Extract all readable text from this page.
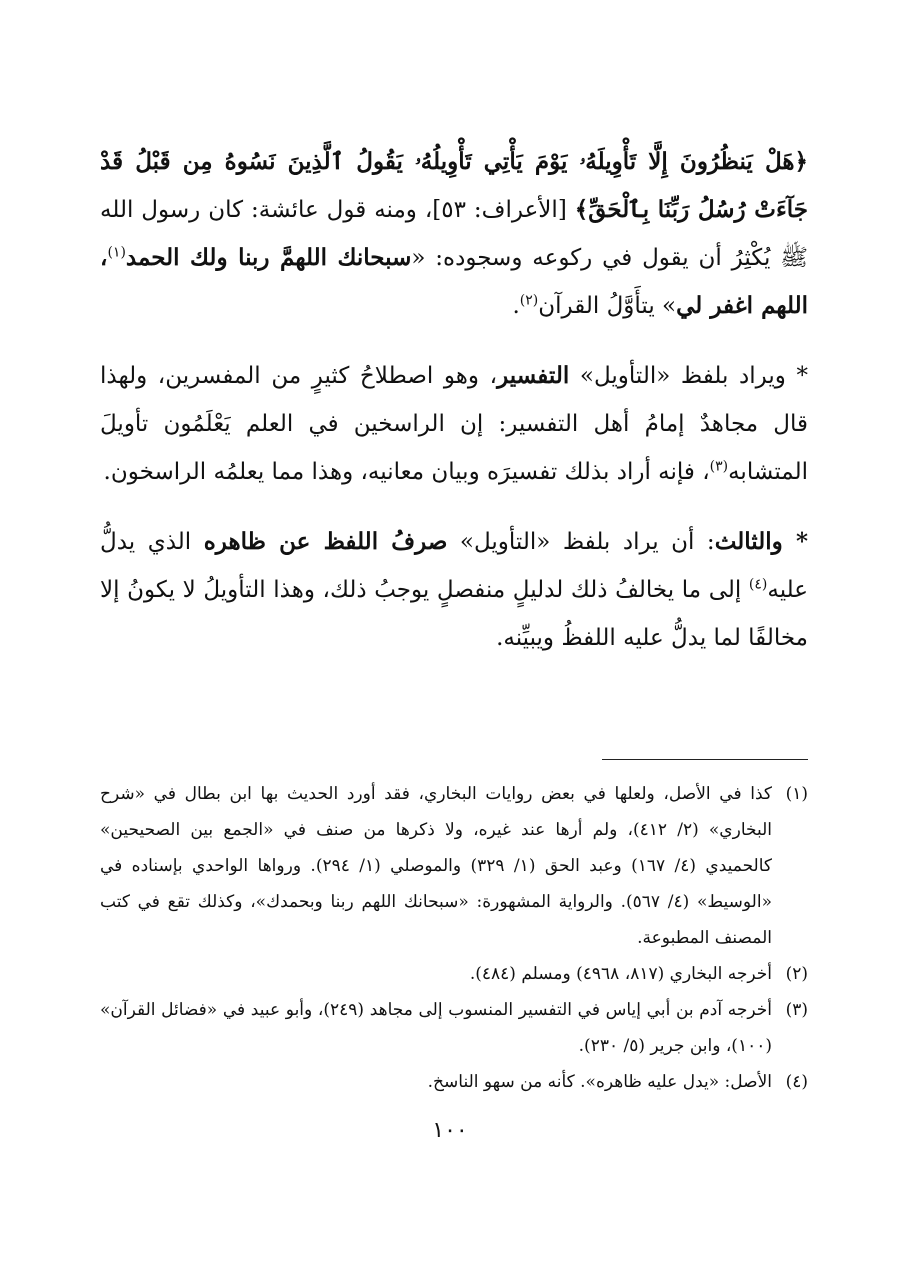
﴿هَلْ يَنظُرُونَ إِلَّا تَأْوِيلَهُۥ يَوْمَ يَأْتِي تَأْوِيلُهُۥ يَقُولُ ٱلَّذِينَ نَسُوهُ مِن قَبْلُ قَدْ جَآءَتْ رُسُلُ رَبِّنَا بِٱلْحَقِّ﴾ [الأعراف: ٥٣]، ومنه قول عائشة: كان رسول الله ﷺ يُكْثِرُ أن يقول في ركوعه وسجوده: «سبحانك اللهمَّ ربنا ولك الحمد$^{(١)}$، اللهم اغفر لي» يتأَوَّلُ القرآن$^{(٢)}$.

* ويراد بلفظ «التأويل» التفسير، وهو اصطلاحُ كثيرٍ من المفسرين، ولهذا قال مجاهدٌ إمامُ أهل التفسير: إن الراسخين في العلم يَعْلَمُون تأويلَ المتشابه$^{(٣)}$، فإنه أراد بذلك تفسيرَه وبيان معانيه، وهذا مما يعلمُه الراسخون.

* والثالث: أن يراد بلفظ «التأويل» صرفُ اللفظ عن ظاهره الذي يدلُّ عليه$^{(٤)}$ إلى ما يخالفُ ذلك لدليلٍ منفصلٍ يوجبُ ذلك، وهذا التأويلُ لا يكونُ إلا مخالفًا لما يدلُّ عليه اللفظُ ويبيِّنه.

(١)
كذا في الأصل، ولعلها في بعض روايات البخاري، فقد أورد الحديث بها ابن بطال في «شرح البخاري» (٢/ ٤١٢)، ولم أرها عند غيره، ولا ذكرها من صنف في «الجمع بين الصحيحين» كالحميدي (٤/ ١٦٧) وعبد الحق (١/ ٣٢٩) والموصلي (١/ ٢٩٤). ورواها الواحدي بإسناده في «الوسيط» (٤/ ٥٦٧). والرواية المشهورة: «سبحانك اللهم ربنا وبحمدك»، وكذلك تقع في كتب المصنف المطبوعة.
(٢)
أخرجه البخاري (٨١٧، ٤٩٦٨) ومسلم (٤٨٤).
(٣)
أخرجه آدم بن أبي إياس في التفسير المنسوب إلى مجاهد (٢٤٩)، وأبو عبيد في «فضائل القرآن» (١٠٠)، وابن جرير (٥/ ٢٣٠).
(٤)
الأصل: «يدل عليه ظاهره». كأنه من سهو الناسخ.
١٠٠
